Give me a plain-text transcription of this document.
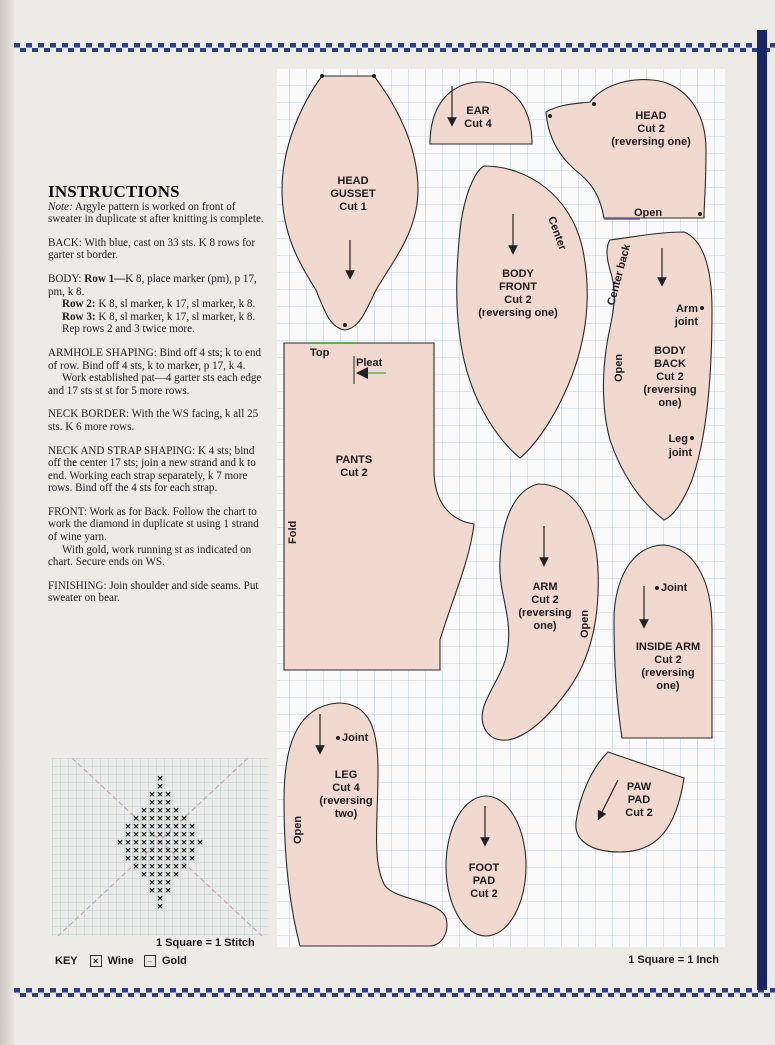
INSTRUCTIONS

Note: Argyle pattern is worked on front of sweater in duplicate st after knitting is complete.

BACK: With blue, cast on 33 sts. K 8 rows for garter st border.

BODY: Row 1—K 8, place marker (pm), p 17, pm, k 8.
Row 2: K 8, sl marker, k 17, sl marker, k 8.
Row 3: K 8, sl marker, k 17, sl marker, k 8.
Rep rows 2 and 3 twice more.

ARMHOLE SHAPING: Bind off 4 sts; k to end of row. Bind off 4 sts, k to marker, p 17, k 4.
Work established pat—4 garter sts each edge and 17 sts st st for 5 more rows.

NECK BORDER: With the WS facing, k all 25 sts. K 6 more rows.

NECK AND STRAP SHAPING: K 4 sts; bind off the center 17 sts; join a new strand and k to end. Working each strap separately, k 7 more rows. Bind off the 4 sts for each strap.

FRONT: Work as for Back. Follow the chart to work the diamond in duplicate st using 1 strand of wine yarn.
With gold, work running st as indicated on chart. Secure ends on WS.

FINISHING: Join shoulder and side seams. Put sweater on bear.

×
×
× × ×
× × ×
× × × × ×
× × × × × × ×
× × × × × × × × ×
× × × × × × × × ×
× × × × × × × × × × ×
× × × × × × × × ×
× × × × × × × × ×
× × × × × × ×
× × × × ×
× × ×
× × ×
×
×
1 Square = 1 Stitch
KEY	× Wine	– Gold
HEAD
GUSSET
Cut 1
EAR
Cut 4
HEAD
Cut 2
(reversing one)
Open
BODY
FRONT
Cut 2
(reversing one)
Center
BODY
BACK
Cut 2
(reversing
one)
Center back
Open
Arm
joint
Leg
joint
Top
Pleat
PANTS
Cut 2
Fold
ARM
Cut 2
(reversing
one) Open
Joint
INSIDE ARM
Cut 2
(reversing
one)
Joint
LEG
Cut 4
(reversing
two)
Open
FOOT
PAD
Cut 2
PAW
PAD
Cut 2
1 Square = 1 Inch
